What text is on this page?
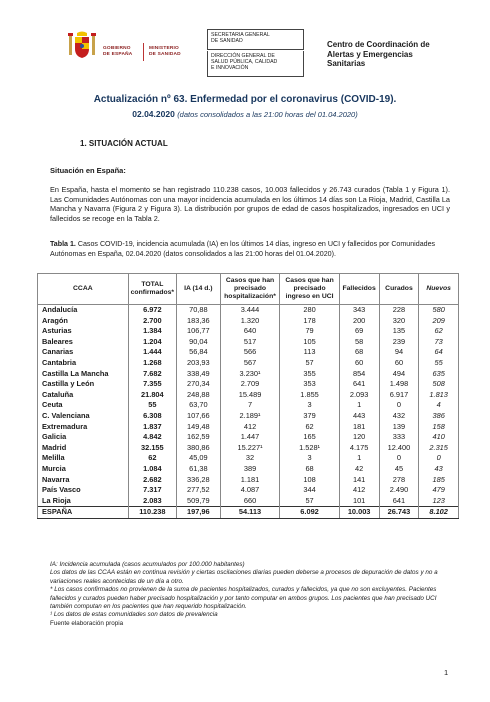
GOBIERNO
DE ESPAÑA
MINISTERIO
DE SANIDAD
SECRETARIA GENERAL
DE SANIDAD
DIRECCIÓN GENERAL DE
SALUD PÚBLICA, CALIDAD
E INNOVACIÓN
Centro de Coordinación de
Alertas y Emergencias
Sanitarias
Actualización nº 63. Enfermedad por el coronavirus (COVID-19).
02.04.2020 (datos consolidados a las 21:00 horas del 01.04.2020)
1. SITUACIÓN ACTUAL
Situación en España:
En España, hasta el momento se han registrado 110.238 casos, 10.003 fallecidos y 26.743 curados (Tabla 1 y Figura 1). Las Comunidades Autónomas con una mayor incidencia acumulada en los últimos 14 días son La Rioja, Madrid, Castilla La Mancha y Navarra (Figura 2 y Figura 3). La distribución por grupos de edad de casos hospitalizados, ingresados en UCI y fallecidos se recoge en la Tabla 2.
Tabla 1. Casos COVID-19, incidencia acumulada (IA) en los últimos 14 días, ingreso en UCI y fallecidos por Comunidades Autónomas en España, 02.04.2020 (datos consolidados a las 21:00 horas del 01.04.2020).
CCAA	TOTAL confirmados*	IA (14 d.)	Casos que han precisado hospitalización*	Casos que han precisado ingreso en UCI	Fallecidos	Curados	Nuevos
Andalucía	6.972	70,88	3.444	280	343	228	580
Aragón	2.700	183,36	1.320	178	200	320	209
Asturias	1.384	106,77	640	79	69	135	62
Baleares	1.204	90,04	517	105	58	239	73
Canarias	1.444	56,84	566	113	68	94	64
Cantabria	1.268	203,93	567	57	60	60	55
Castilla La Mancha	7.682	338,49	3.230¹	355	854	494	635
Castilla y León	7.355	270,34	2.709	353	641	1.498	508
Cataluña	21.804	248,88	15.489	1.855	2.093	6.917	1.813
Ceuta	55	63,70	7	3	1	0	4
C. Valenciana	6.308	107,66	2.189¹	379	443	432	386
Extremadura	1.837	149,48	412	62	181	139	158
Galicia	4.842	162,59	1.447	165	120	333	410
Madrid	32.155	380,86	15.227¹	1.528¹	4.175	12.400	2.315
Melilla	62	45,09	32	3	1	0	0
Murcia	1.084	61,38	389	68	42	45	43
Navarra	2.682	336,28	1.181	108	141	278	185
País Vasco	7.317	277,52	4.087	344	412	2.490	479
La Rioja	2.083	509,79	660	57	101	641	123
ESPAÑA	110.238	197,96	54.113	6.092	10.003	26.743	8.102
IA: Incidencia acumulada (casos acumulados por 100.000 habitantes)
Los datos de las CCAA están en continua revisión y ciertas oscilaciones diarias pueden deberse a procesos de depuración de datos y no a variaciones reales acontecidas de un día a otro.
* Los casos confirmados no provienen de la suma de pacientes hospitalizados, curados y fallecidos, ya que no son excluyentes. Pacientes fallecidos y curados pueden haber precisado hospitalización y por tanto computar en ambos grupos. Los pacientes que han precisado UCI también computan en los pacientes que han requerido hospitalización.
¹ Los datos de estas comunidades son datos de prevalencia
Fuente elaboración propia
1
